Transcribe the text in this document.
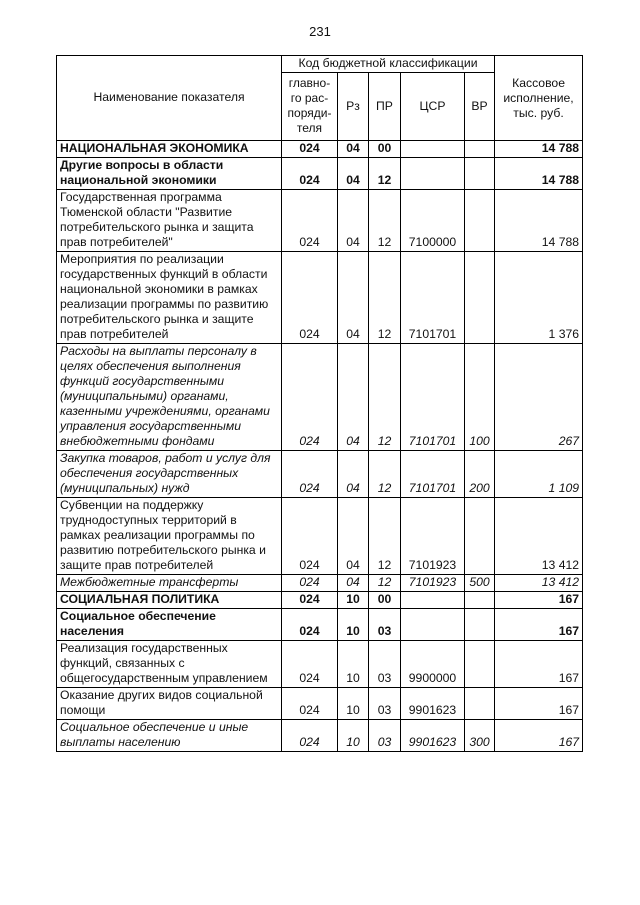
231
Наименование показателя	Код бюджетной классификации					Кассовое исполнение, тыс. руб.
	главно-го рас-поряди-теля	Рз	ПР	ЦСР	ВР	
НАЦИОНАЛЬНАЯ ЭКОНОМИКА	024	04	00			14 788
Другие вопросы в области национальной экономики	024	04	12			14 788
Государственная программа Тюменской области "Развитие потребительского рынка и защита прав потребителей"	024	04	12	7100000		14 788
Мероприятия по реализации государственных функций в области национальной экономики в рамках реализации программы по развитию потребительского рынка и защите прав потребителей	024	04	12	7101701		1 376
Расходы на выплаты персоналу в целях обеспечения выполнения функций государственными (муниципальными) органами, казенными учреждениями, органами управления государственными внебюджетными фондами	024	04	12	7101701	100	267
Закупка товаров, работ и услуг для обеспечения государственных (муниципальных) нужд	024	04	12	7101701	200	1 109
Субвенции на поддержку труднодоступных территорий в рамках реализации программы по развитию потребительского рынка и защите прав потребителей	024	04	12	7101923		13 412
Межбюджетные трансферты	024	04	12	7101923	500	13 412
СОЦИАЛЬНАЯ ПОЛИТИКА	024	10	00			167
Социальное обеспечение населения	024	10	03			167
Реализация государственных функций, связанных с общегосударственным управлением	024	10	03	9900000		167
Оказание других видов социальной помощи	024	10	03	9901623		167
Социальное обеспечение и иные выплаты населению	024	10	03	9901623	300	167
